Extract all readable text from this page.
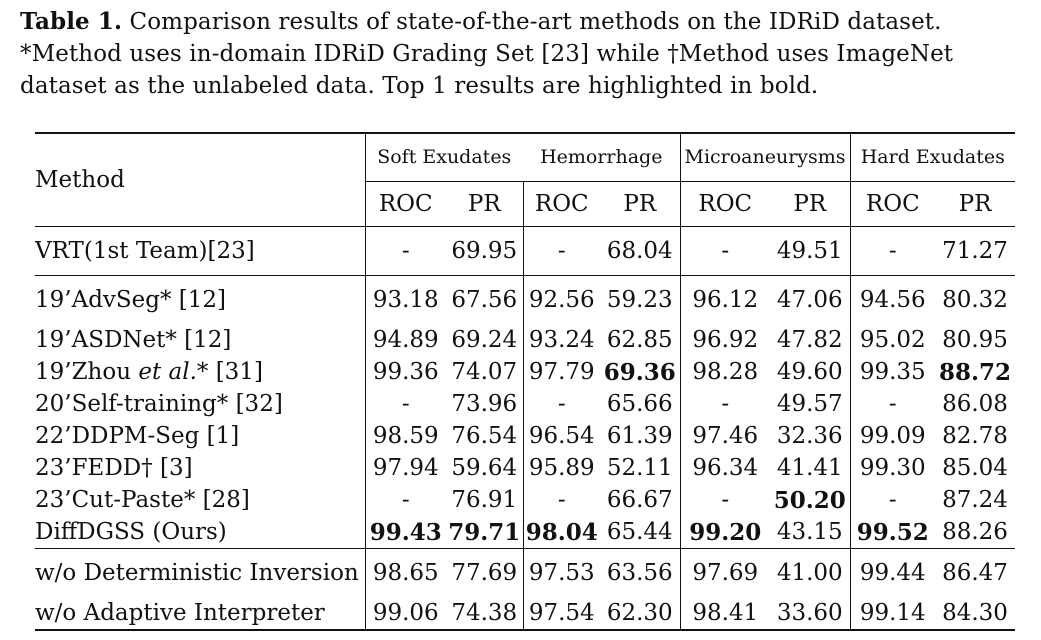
Table 1. Comparison results of state-of-the-art methods on the IDRiD dataset. *Method uses in-domain IDRiD Grading Set [23] while †Method uses ImageNet dataset as the unlabeled data. Top 1 results are highlighted in bold.
Method	Soft Exudates		Hemorrhage		Microaneurysms		Hard Exudates	
	ROC	PR	ROC	PR	ROC	PR	ROC	PR
VRT(1st Team)[23]	-	69.95	-	68.04	-	49.51	-	71.27
19’AdvSeg* [12]	93.18	67.56	92.56	59.23	96.12	47.06	94.56	80.32
19’ASDNet* [12]	94.89	69.24	93.24	62.85	96.92	47.82	95.02	80.95
19’Zhou et al.* [31]	99.36	74.07	97.79	69.36	98.28	49.60	99.35	88.72
20’Self-training* [32]	-	73.96	-	65.66	-	49.57	-	86.08
22’DDPM-Seg [1]	98.59	76.54	96.54	61.39	97.46	32.36	99.09	82.78
23’FEDD† [3]	97.94	59.64	95.89	52.11	96.34	41.41	99.30	85.04
23’Cut-Paste* [28]	-	76.91	-	66.67	-	50.20	-	87.24
DiffDGSS (Ours)	99.43	79.71	98.04	65.44	99.20	43.15	99.52	88.26
w/o Deterministic Inversion	98.65	77.69	97.53	63.56	97.69	41.00	99.44	86.47
w/o Adaptive Interpreter	99.06	74.38	97.54	62.30	98.41	33.60	99.14	84.30
